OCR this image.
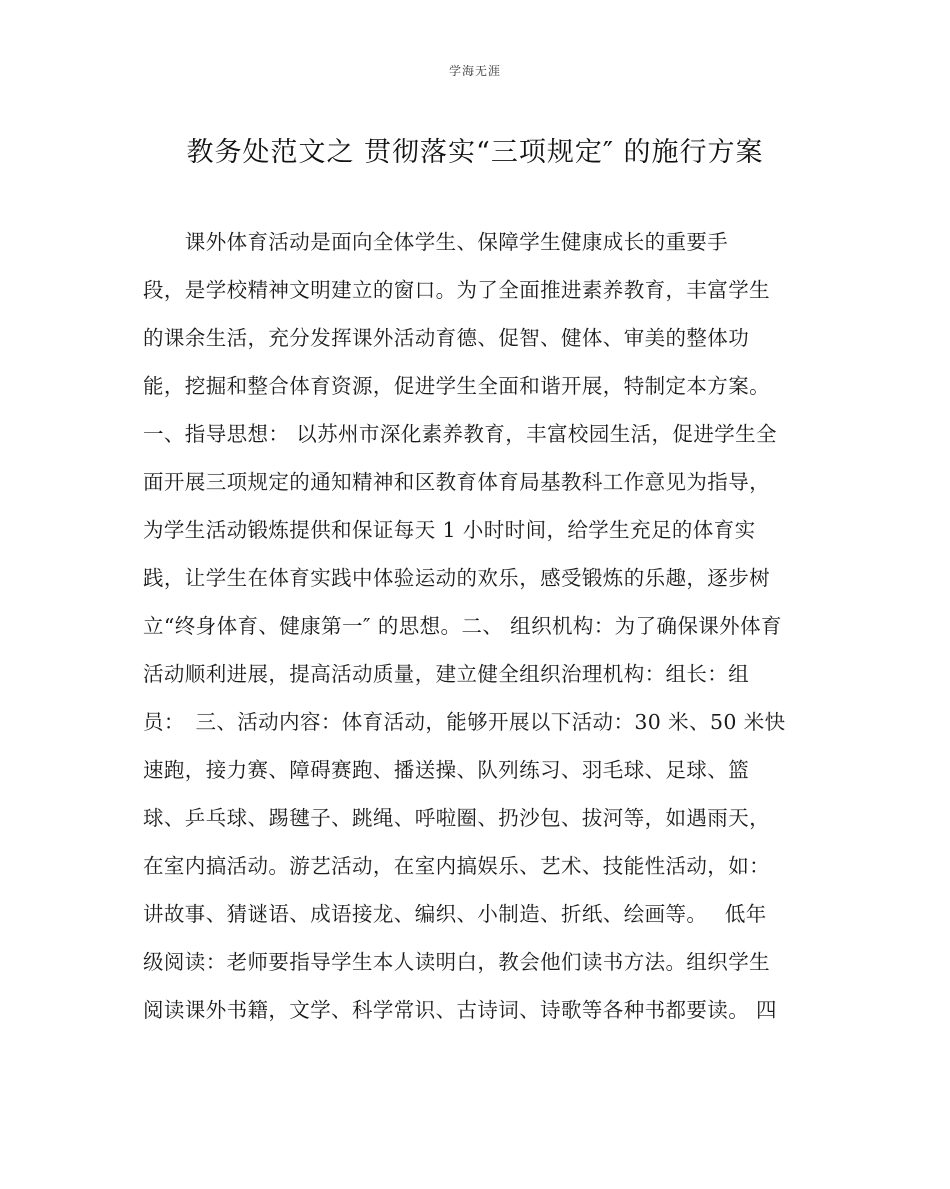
学海无涯
教务处范文之 贯彻落实“三项规定″ 的施行方案
　　课外体育活动是面向全体学生、保障学生健康成长的重要手
段，是学校精神文明建立的窗口。为了全面推进素养教育，丰富学生
的课余生活，充分发挥课外活动育德、促智、健体、审美的整体功
能，挖掘和整合体育资源，促进学生全面和谐开展，特制定本方案。
一、指导思想： 以苏州市深化素养教育，丰富校园生活，促进学生全
面开展三项规定的通知精神和区教育体育局基教科工作意见为指导，
为学生活动锻炼提供和保证每天 1 小时时间，给学生充足的体育实
践，让学生在体育实践中体验运动的欢乐，感受锻炼的乐趣，逐步树
立“终身体育、健康第一″ 的思想。二、 组织机构：为了确保课外体育
活动顺利进展，提高活动质量，建立健全组织治理机构：组长：组
员：　三、活动内容：体育活动，能够开展以下活动：30 米、50 米快
速跑，接力赛、障碍赛跑、播送操、队列练习、羽毛球、足球、篮
球、乒乓球、踢毽子、跳绳、呼啦圈、扔沙包、拔河等，如遇雨天，
在室内搞活动。游艺活动，在室内搞娱乐、艺术、技能性活动，如：
讲故事、猜谜语、成语接龙、编织、小制造、折纸、绘画等。　 低年
级阅读：老师要指导学生本人读明白，教会他们读书方法。组织学生
阅读课外书籍，文学、科学常识、古诗词、诗歌等各种书都要读。 四
